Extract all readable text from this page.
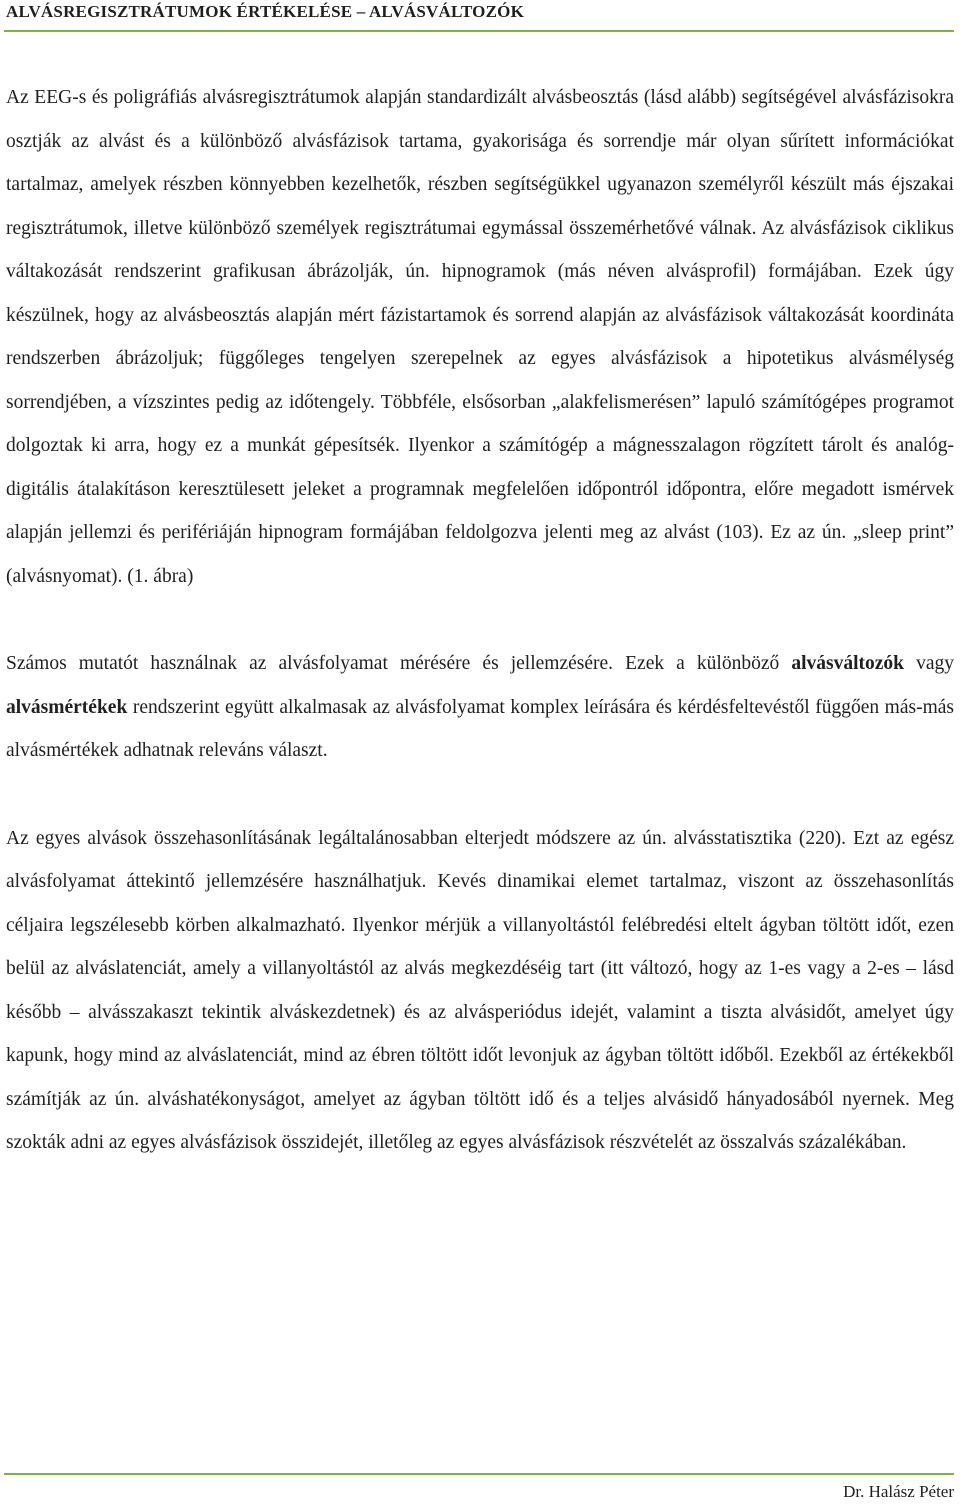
ALVÁSREGISZTRÁTUMOK ÉRTÉKELÉSE – ALVÁSVÁLTOZÓK

Az EEG-s és poligráfiás alvásregisztrátumok alapján standardizált alvásbeosztás (lásd alább) segítségével alvásfázisokra osztják az alvást és a különböző alvásfázisok tartama, gyakorisága és sorrendje már olyan sűrített információkat tartalmaz, amelyek részben könnyebben kezelhetők, részben segítségükkel ugyanazon személyről készült más éjszakai regisztrátumok, illetve különböző személyek regisztrátumai egymással összemérhetővé válnak. Az alvásfázisok ciklikus váltakozását rendszerint grafikusan ábrázolják, ún. hipnogramok (más néven alvásprofil) formájában. Ezek úgy készülnek, hogy az alvásbeosztás alapján mért fázistartamok és sorrend alapján az alvásfázisok váltakozását koordináta rendszerben ábrázoljuk; függőleges tengelyen szerepelnek az egyes alvásfázisok a hipotetikus alvásmélység sorrendjében, a vízszintes pedig az időtengely. Többféle, elsősorban „alakfelismerésen” lapuló számítógépes programot dolgoztak ki arra, hogy ez a munkát gépesítsék. Ilyenkor a számítógép a mágnesszalagon rögzített tárolt és analóg-digitális átalakításon keresztülesett jeleket a programnak megfelelően időpontról időpontra, előre megadott ismérvek alapján jellemzi és perifériáján hipnogram formájában feldolgozva jelenti meg az alvást (103). Ez az ún. „sleep print” (alvásnyomat). (1. ábra)

Számos mutatót használnak az alvásfolyamat mérésére és jellemzésére. Ezek a különböző alvásváltozók vagy alvásmértékek rendszerint együtt alkalmasak az alvásfolyamat komplex leírására és kérdésfeltevéstől függően más-más alvásmértékek adhatnak releváns választ.

Az egyes alvások összehasonlításának legáltalánosabban elterjedt módszere az ún. alvásstatisztika (220). Ezt az egész alvásfolyamat áttekintő jellemzésére használhatjuk. Kevés dinamikai elemet tartalmaz, viszont az összehasonlítás céljaira legszélesebb körben alkalmazható. Ilyenkor mérjük a villanyoltástól felébredési eltelt ágyban töltött időt, ezen belül az alváslatenciát, amely a villanyoltástól az alvás megkezdéséig tart (itt változó, hogy az 1-es vagy a 2-es – lásd később – alvásszakaszt tekintik alváskezdetnek) és az alvásperiódus idejét, valamint a tiszta alvásidőt, amelyet úgy kapunk, hogy mind az alváslatenciát, mind az ébren töltött időt levonjuk az ágyban töltött időből. Ezekből az értékekből számítják az ún. alváshatékonyságot, amelyet az ágyban töltött idő és a teljes alvásidő hányadosából nyernek. Meg szokták adni az egyes alvásfázisok összidejét, illetőleg az egyes alvásfázisok részvételét az összalvás százalékában.

Dr. Halász Péter
